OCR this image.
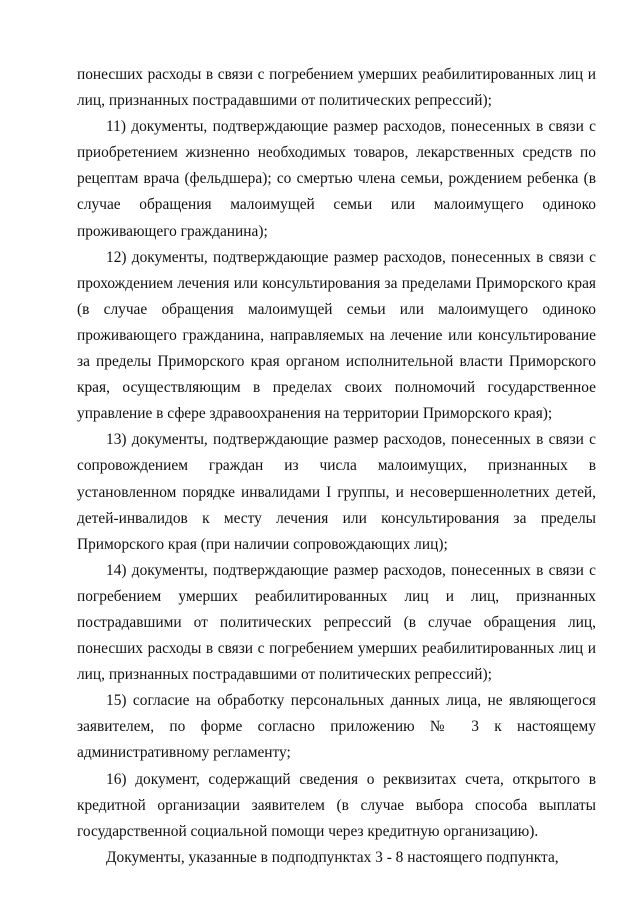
понесших расходы в связи с погребением умерших реабилитированных лиц и лиц, признанных пострадавшими от политических репрессий);

11) документы, подтверждающие размер расходов, понесенных в связи с приобретением жизненно необходимых товаров, лекарственных средств по рецептам врача (фельдшера); со смертью члена семьи, рождением ребенка (в случае обращения малоимущей семьи или малоимущего одиноко проживающего гражданина);

12) документы, подтверждающие размер расходов, понесенных в связи с прохождением лечения или консультирования за пределами Приморского края (в случае обращения малоимущей семьи или малоимущего одиноко проживающего гражданина, направляемых на лечение или консультирование за пределы Приморского края органом исполнительной власти Приморского края, осуществляющим в пределах своих полномочий государственное управление в сфере здравоохранения на территории Приморского края);

13) документы, подтверждающие размер расходов, понесенных в связи с сопровождением граждан из числа малоимущих, признанных в установленном порядке инвалидами I группы, и несовершеннолетних детей, детей-инвалидов к месту лечения или консультирования за пределы Приморского края (при наличии сопровождающих лиц);

14) документы, подтверждающие размер расходов, понесенных в связи с погребением умерших реабилитированных лиц и лиц, признанных пострадавшими от политических репрессий (в случае обращения лиц, понесших расходы в связи с погребением умерших реабилитированных лиц и лиц, признанных пострадавшими от политических репрессий);

15) согласие на обработку персональных данных лица, не являющегося заявителем, по форме согласно приложению № 3 к настоящему административному регламенту;

16) документ, содержащий сведения о реквизитах счета, открытого в кредитной организации заявителем (в случае выбора способа выплаты государственной социальной помощи через кредитную организацию).

Документы, указанные в подподпунктах 3 - 8 настоящего подпункта,
